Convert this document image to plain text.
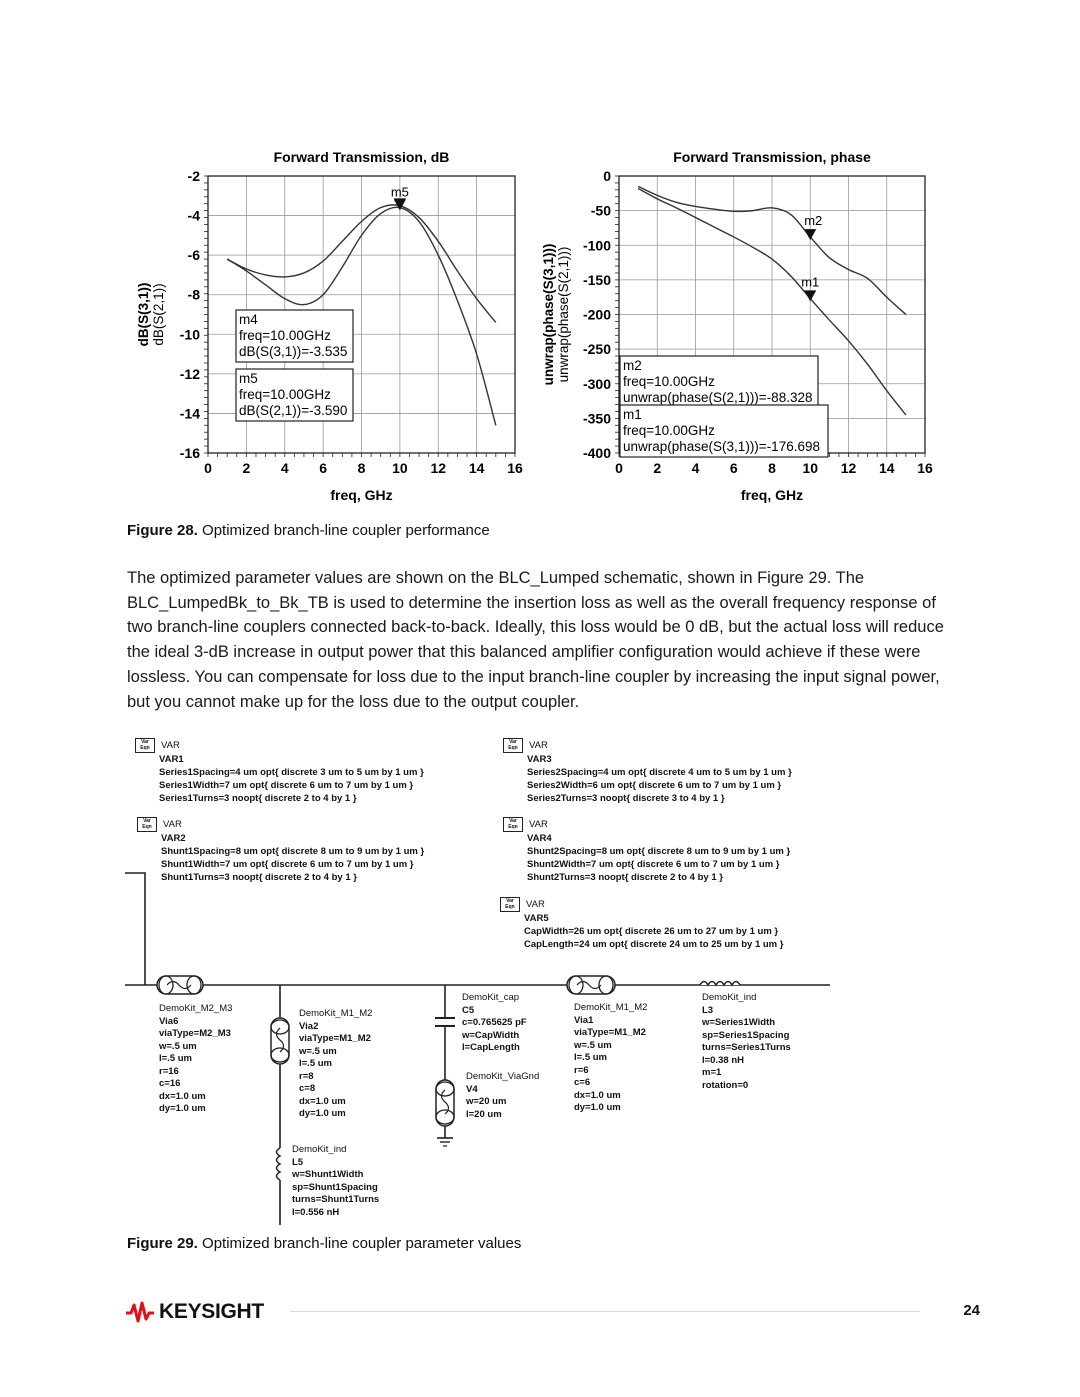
Forward Transmission, dB
0 2 4 6 8 10 12 14 16
-2
-4
-6
-8
-10
-12
-14
-16
freq, GHz
dB(S(3,1)) dB(S(2,1))	m4
freq=10.00GHz
dB(S(3,1))=-3.535
m5
freq=10.00GHz
dB(S(2,1))=-3.590
m5
Forward Transmission, phase
0 2 4 6 8 10 12 14 16
0
-50
-100
-150
-200
-250
-300
-350
-400
freq, GHz
unwrap(phase(S(3,1))) unwrap(phase(S(2,1)))
m2
m2
freq=10.00GHz
unwrap(phase(S(2,1)))=-88.328
m1
m1
freq=10.00GHz
unwrap(phase(S(3,1)))=-176.698
Figure 28. Optimized branch-line coupler performance

The optimized parameter values are shown on the BLC_Lumped schematic, shown in Figure 29. The BLC_LumpedBk_to_Bk_TB is used to determine the insertion loss as well as the overall frequency response of two branch-line couplers connected back-to-back. Ideally, this loss would be 0 dB, but the actual loss will reduce the ideal 3-dB increase in output power that this balanced amplifier configuration would achieve if these were lossless. You can compensate for loss due to the input branch-line coupler by increasing the input signal power, but you cannot make up for the loss due to the output coupler.

Var
Eqn	VAR
VAR1
Series1Spacing=4 um opt{ discrete 3 um to 5 um by 1 um }
Series1Width=7 um opt{ discrete 6 um to 7 um by 1 um }
Series1Turns=3 noopt{ discrete 2 to 4 by 1 }
Var
Eqn	VAR
VAR3
Series2Spacing=4 um opt{ discrete 4 um to 5 um by 1 um }
Series2Width=6 um opt{ discrete 6 um to 7 um by 1 um }
Series2Turns=3 noopt{ discrete 3 to 4 by 1 }
Var
Eqn	VAR
VAR2
Shunt1Spacing=8 um opt{ discrete 8 um to 9 um by 1 um }
Shunt1Width=7 um opt{ discrete 6 um to 7 um by 1 um }
Shunt1Turns=3 noopt{ discrete 2 to 4 by 1 }
Var
Eqn	VAR
VAR4
Shunt2Spacing=8 um opt{ discrete 8 um to 9 um by 1 um }
Shunt2Width=7 um opt{ discrete 6 um to 7 um by 1 um }
Shunt2Turns=3 noopt{ discrete 2 to 4 by 1 }
Var
Eqn	VAR
VAR5
CapWidth=26 um opt{ discrete 26 um to 27 um by 1 um }
CapLength=24 um opt{ discrete 24 um to 25 um by 1 um }
DemoKit_M2_M3
Via6
viaType=M2_M3
w=.5 um
l=.5 um
r=16
c=16
dx=1.0 um
dy=1.0 um
DemoKit_M1_M2
Via2
viaType=M1_M2
w=.5 um
l=.5 um
r=8
c=8
dx=1.0 um
dy=1.0 um
DemoKit_cap
C5
c=0.765625 pF
w=CapWidth
l=CapLength
DemoKit_ViaGnd
V4
w=20 um
l=20 um
DemoKit_M1_M2
Via1
viaType=M1_M2
w=.5 um
l=.5 um
r=6
c=6
dx=1.0 um
dy=1.0 um
DemoKit_ind
L3
w=Series1Width
sp=Series1Spacing
turns=Series1Turns
l=0.38 nH
m=1
rotation=0
DemoKit_ind
L5
w=Shunt1Width
sp=Shunt1Spacing
turns=Shunt1Turns
l=0.556 nH
Figure 29. Optimized branch-line coupler parameter values
KEYSIGHT	24
